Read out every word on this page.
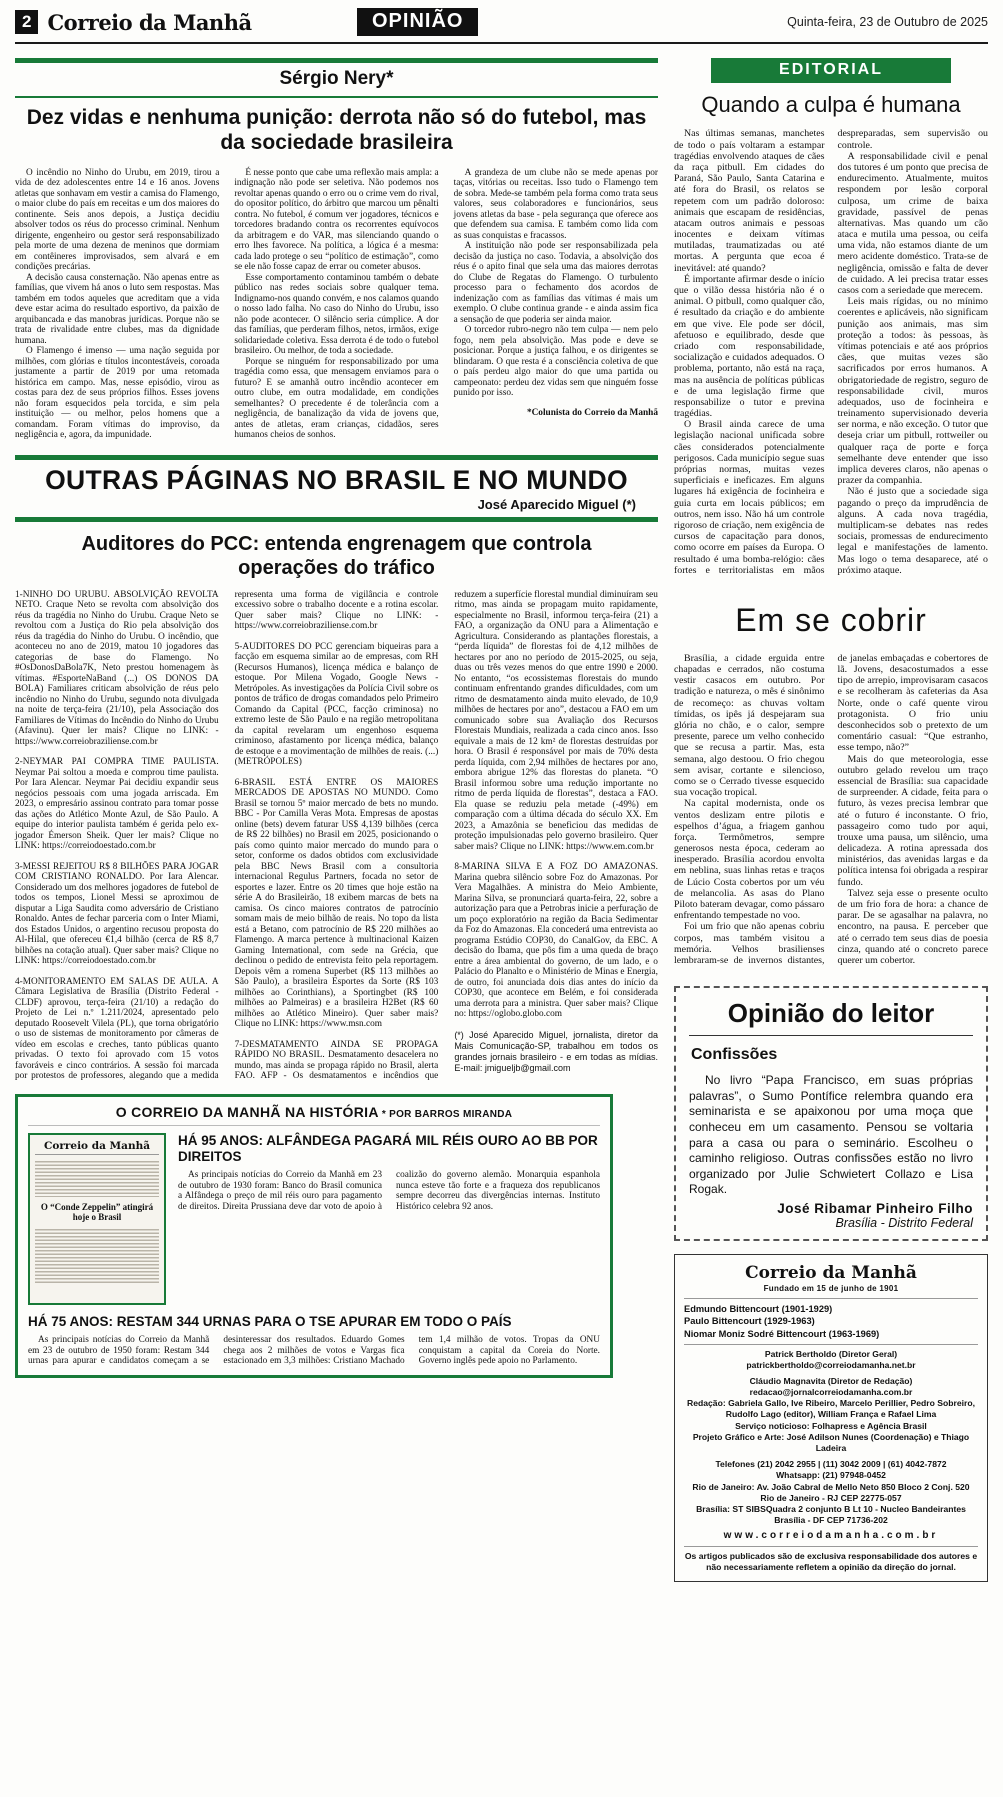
2 Correio da Manhã	OPINIÃO	Quinta-feira, 23 de Outubro de 2025
Sérgio Nery*
Dez vidas e nenhuma punição: derrota não só do futebol, mas da sociedade brasileira

O incêndio no Ninho do Urubu, em 2019, tirou a vida de dez adolescentes entre 14 e 16 anos. Jovens atletas que sonhavam em vestir a camisa do Flamengo, o maior clube do país em receitas e um dos maiores do continente. Seis anos depois, a Justiça decidiu absolver todos os réus do processo criminal. Nenhum dirigente, engenheiro ou gestor será responsabilizado pela morte de uma dezena de meninos que dormiam em contêineres improvisados, sem alvará e em condições precárias.

A decisão causa consternação. Não apenas entre as famílias, que vivem há anos o luto sem respostas. Mas também em todos aqueles que acreditam que a vida deve estar acima do resultado esportivo, da paixão de arquibancada e das manobras jurídicas. Porque não se trata de rivalidade entre clubes, mas da dignidade humana.

O Flamengo é imenso — uma nação seguida por milhões, com glórias e títulos incontestáveis, coroada justamente a partir de 2019 por uma retomada histórica em campo. Mas, nesse episódio, virou as costas para dez de seus próprios filhos. Esses jovens não foram esquecidos pela torcida, e sim pela instituição — ou melhor, pelos homens que a comandam. Foram vítimas do improviso, da negligência e, agora, da impunidade.

É nesse ponto que cabe uma reflexão mais ampla: a indignação não pode ser seletiva. Não podemos nos revoltar apenas quando o erro ou o crime vem do rival, do opositor político, do árbitro que marcou um pênalti contra. No futebol, é comum ver jogadores, técnicos e torcedores bradando contra os recorrentes equívocos da arbitragem e do VAR, mas silenciando quando o erro lhes favorece. Na política, a lógica é a mesma: cada lado protege o seu “político de estimação”, como se ele não fosse capaz de errar ou cometer abusos.

Esse comportamento contaminou também o debate público nas redes sociais sobre qualquer tema. Indignamo-nos quando convém, e nos calamos quando o nosso lado falha. No caso do Ninho do Urubu, isso não pode acontecer. O silêncio seria cúmplice. A dor das famílias, que perderam filhos, netos, irmãos, exige solidariedade coletiva. Essa derrota é de todo o futebol brasileiro. Ou melhor, de toda a sociedade.

Porque se ninguém for responsabilizado por uma tragédia como essa, que mensagem enviamos para o futuro? E se amanhã outro incêndio acontecer em outro clube, em outra modalidade, em condições semelhantes? O precedente é de tolerância com a negligência, de banalização da vida de jovens que, antes de atletas, eram crianças, cidadãos, seres humanos cheios de sonhos.

A grandeza de um clube não se mede apenas por taças, vitórias ou receitas. Isso tudo o Flamengo tem de sobra. Mede-se também pela forma como trata seus valores, seus colaboradores e funcionários, seus jovens atletas da base - pela segurança que oferece aos que defendem sua camisa. E também como lida com as suas conquistas e fracassos.

A instituição não pode ser responsabilizada pela decisão da justiça no caso. Todavia, a absolvição dos réus é o apito final que sela uma das maiores derrotas do Clube de Regatas do Flamengo. O turbulento processo para o fechamento dos acordos de indenização com as famílias das vítimas é mais um exemplo. O clube continua grande - e ainda assim fica a sensação de que poderia ser ainda maior.

O torcedor rubro-negro não tem culpa — nem pelo fogo, nem pela absolvição. Mas pode e deve se posicionar. Porque a justiça falhou, e os dirigentes se blindaram. O que resta é a consciência coletiva de que o país perdeu algo maior do que uma partida ou campeonato: perdeu dez vidas sem que ninguém fosse punido por isso.

*Colunista do Correio da Manhã
OUTRAS PÁGINAS NO BRASIL E NO MUNDO
José Aparecido Miguel (*)
Auditores do PCC: entenda engrenagem que controla operações do tráfico

1-NINHO DO URUBU. ABSOLVIÇÃO REVOLTA NETO. Craque Neto se revolta com absolvição dos réus da tragédia no Ninho do Urubu. Craque Neto se revoltou com a Justiça do Rio pela absolvição dos réus da tragédia do Ninho do Urubu. O incêndio, que aconteceu no ano de 2019, matou 10 jogadores das categorias de base do Flamengo. No #OsDonosDaBola7K, Neto prestou homenagem às vítimas. #EsporteNaBand (...) OS DONOS DA BOLA) Familiares criticam absolvição de réus pelo incêndio no Ninho do Urubu, segundo nota divulgada na noite de terça-feira (21/10), pela Associação dos Familiares de Vítimas do Incêndio do Ninho do Urubu (Afavinu). Quer ler mais? Clique no LINK: - https://www.correiobraziliense.com.br

2-NEYMAR PAI COMPRA TIME PAULISTA. Neymar Pai soltou a moeda e comprou time paulista. Por Iara Alencar. Neymar Pai decidiu expandir seus negócios pessoais com uma jogada arriscada. Em 2023, o empresário assinou contrato para tomar posse das ações do Atlético Monte Azul, de São Paulo. A equipe do interior paulista também é gerida pelo ex-jogador Émerson Sheik. Quer ler mais? Clique no LINK: https://correiodoestado.com.br

3-MESSI REJEITOU R$ 8 BILHÕES PARA JOGAR COM CRISTIANO RONALDO. Por Iara Alencar. Considerado um dos melhores jogadores de futebol de todos os tempos, Lionel Messi se aproximou de disputar a Liga Saudita como adversário de Cristiano Ronaldo. Antes de fechar parceria com o Inter Miami, dos Estados Unidos, o argentino recusou proposta do Al-Hilal, que ofereceu €1,4 bilhão (cerca de R$ 8,7 bilhões na cotação atual). Quer saber mais? Clique no LINK: https://correiodoestado.com.br

4-MONITORAMENTO EM SALAS DE AULA. A Câmara Legislativa de Brasília (Distrito Federal - CLDF) aprovou, terça-feira (21/10) a redação do Projeto de Lei n.º 1.211/2024, apresentado pelo deputado Roosevelt Vilela (PL), que torna obrigatório o uso de sistemas de monitoramento por câmeras de vídeo em escolas e creches, tanto públicas quanto privadas. O texto foi aprovado com 15 votos favoráveis e cinco contrários. A sessão foi marcada por protestos de professores, alegando que a medida representa uma forma de vigilância e controle excessivo sobre o trabalho docente e a rotina escolar. Quer saber mais? Clique no LINK: - https://www.correiobraziliense.com.br

5-AUDITORES DO PCC gerenciam biqueiras para a facção em esquema similar ao de empresas, com RH (Recursos Humanos), licença médica e balanço de estoque. Por Milena Vogado, Google News - Metrópoles. As investigações da Polícia Civil sobre os pontos de tráfico de drogas comandados pelo Primeiro Comando da Capital (PCC, facção criminosa) no extremo leste de São Paulo e na região metropolitana da capital revelaram um engenhoso esquema criminoso, afastamento por licença médica, balanço de estoque e a movimentação de milhões de reais. (...) (METRÓPOLES)

6-BRASIL ESTÁ ENTRE OS MAIORES MERCADOS DE APOSTAS NO MUNDO. Como Brasil se tornou 5º maior mercado de bets no mundo. BBC - Por Camilla Veras Mota. Empresas de apostas online (bets) devem faturar US$ 4,139 bilhões (cerca de R$ 22 bilhões) no Brasil em 2025, posicionando o país como quinto maior mercado do mundo para o setor, conforme os dados obtidos com exclusividade pela BBC News Brasil com a consultoria internacional Regulus Partners, focada no setor de esportes e lazer. Entre os 20 times que hoje estão na série A do Brasileirão, 18 exibem marcas de bets na camisa. Os cinco maiores contratos de patrocínio somam mais de meio bilhão de reais. No topo da lista está a Betano, com patrocínio de R$ 220 milhões ao Flamengo. A marca pertence à multinacional Kaizen Gaming International, com sede na Grécia, que declinou o pedido de entrevista feito pela reportagem. Depois vêm a romena Superbet (R$ 113 milhões ao São Paulo), a brasileira Esportes da Sorte (R$ 103 milhões ao Corinthians), a Sportingbet (R$ 100 milhões ao Palmeiras) e a brasileira H2Bet (R$ 60 milhões ao Atlético Mineiro). Quer saber mais? Clique no LINK: https://www.msn.com

7-DESMATAMENTO AINDA SE PROPAGA RÁPIDO NO BRASIL. Desmatamento desacelera no mundo, mas ainda se propaga rápido no Brasil, alerta FAO. AFP - Os desmatamentos e incêndios que reduzem a superfície florestal mundial diminuíram seu ritmo, mas ainda se propagam muito rapidamente, especialmente no Brasil, informou terça-feira (21) a FAO, a organização da ONU para a Alimentação e Agricultura. Considerando as plantações florestais, a “perda líquida” de florestas foi de 4,12 milhões de hectares por ano no período de 2015-2025, ou seja, duas ou três vezes menos do que entre 1990 e 2000. No entanto, “os ecossistemas florestais do mundo continuam enfrentando grandes dificuldades, com um ritmo de desmatamento ainda muito elevado, de 10,9 milhões de hectares por ano”, destacou a FAO em um comunicado sobre sua Avaliação dos Recursos Florestais Mundiais, realizada a cada cinco anos. Isso equivale a mais de 12 km² de florestas destruídas por hora. O Brasil é responsável por mais de 70% desta perda líquida, com 2,94 milhões de hectares por ano, embora abrigue 12% das florestas do planeta. “O Brasil informou sobre uma redução importante no ritmo de perda líquida de florestas”, destaca a FAO. Ela quase se reduziu pela metade (-49%) em comparação com a última década do século XX. Em 2023, a Amazônia se beneficiou das medidas de proteção impulsionadas pelo governo brasileiro. Quer saber mais? Clique no LINK: https://www.em.com.br

8-MARINA SILVA E A FOZ DO AMAZONAS. Marina quebra silêncio sobre Foz do Amazonas. Por Vera Magalhães. A ministra do Meio Ambiente, Marina Silva, se pronunciará quarta-feira, 22, sobre a autorização para que a Petrobras inicie a perfuração de um poço exploratório na região da Bacia Sedimentar da Foz do Amazonas. Ela concederá uma entrevista ao programa Estúdio COP30, do CanalGov, da EBC. A decisão do Ibama, que pôs fim a uma queda de braço entre a área ambiental do governo, de um lado, e o Palácio do Planalto e o Ministério de Minas e Energia, de outro, foi anunciada dois dias antes do início da COP30, que acontece em Belém, e foi considerada uma derrota para a ministra. Quer saber mais? Clique no: https://oglobo.globo.com

(*) José Aparecido Miguel, jornalista, diretor da Mais Comunicação-SP, trabalhou em todos os grandes jornais brasileiro - e em todas as mídias. E-mail: jmigueljb@gmail.com
O CORREIO DA MANHÃ NA HISTÓRIA * POR BARROS MIRANDA
Correio da Manhã
O “Conde Zeppelin” atingirá hoje o Brasil
HÁ 95 ANOS: ALFÂNDEGA PAGARÁ MIL RÉIS OURO AO BB POR DIREITOS

As principais notícias do Correio da Manhã em 23 de outubro de 1930 foram: Banco do Brasil comunica a Alfândega o preço de mil réis ouro para pagamento de direitos. Direita Prussiana deve dar voto de apoio à coalizão do governo alemão. Monarquia espanhola nunca esteve tão forte e a fraqueza dos republicanos sempre decorreu das divergências internas. Instituto Histórico celebra 92 anos.

HÁ 75 ANOS: RESTAM 344 URNAS PARA O TSE APURAR EM TODO O PAÍS

As principais notícias do Correio da Manhã em 23 de outubro de 1950 foram: Restam 344 urnas para apurar e candidatos começam a se desinteressar dos resultados. Eduardo Gomes chega aos 2 milhões de votos e Vargas fica estacionado em 3,3 milhões: Cristiano Machado tem 1,4 milhão de votos. Tropas da ONU conquistam a capital da Coreia do Norte. Governo inglês pede apoio no Parlamento.

EDITORIAL
Quando a culpa é humana

Nas últimas semanas, manchetes de todo o país voltaram a estampar tragédias envolvendo ataques de cães da raça pitbull. Em cidades do Paraná, São Paulo, Santa Catarina e até fora do Brasil, os relatos se repetem com um padrão doloroso: animais que escapam de residências, atacam outros animais e pessoas inocentes e deixam vítimas mutiladas, traumatizadas ou até mortas. A pergunta que ecoa é inevitável: até quando?

É importante afirmar desde o início que o vilão dessa história não é o animal. O pitbull, como qualquer cão, é resultado da criação e do ambiente em que vive. Ele pode ser dócil, afetuoso e equilibrado, desde que criado com responsabilidade, socialização e cuidados adequados. O problema, portanto, não está na raça, mas na ausência de políticas públicas e de uma legislação firme que responsabilize o tutor e previna tragédias.

O Brasil ainda carece de uma legislação nacional unificada sobre cães considerados potencialmente perigosos. Cada município segue suas próprias normas, muitas vezes superficiais e ineficazes. Em alguns lugares há exigência de focinheira e guia curta em locais públicos; em outros, nem isso. Não há um controle rigoroso de criação, nem exigência de cursos de capacitação para donos, como ocorre em países da Europa. O resultado é uma bomba-relógio: cães fortes e territorialistas em mãos despreparadas, sem supervisão ou controle.

A responsabilidade civil e penal dos tutores é um ponto que precisa de endurecimento. Atualmente, muitos respondem por lesão corporal culposa, um crime de baixa gravidade, passível de penas alternativas. Mas quando um cão ataca e mutila uma pessoa, ou ceifa uma vida, não estamos diante de um mero acidente doméstico. Trata-se de negligência, omissão e falta de dever de cuidado. A lei precisa tratar esses casos com a seriedade que merecem.

Leis mais rígidas, ou no mínimo coerentes e aplicáveis, não significam punição aos animais, mas sim proteção a todos: às pessoas, às vítimas potenciais e até aos próprios cães, que muitas vezes são sacrificados por erros humanos. A obrigatoriedade de registro, seguro de responsabilidade civil, muros adequados, uso de focinheira e treinamento supervisionado deveria ser norma, e não exceção. O tutor que deseja criar um pitbull, rottweiler ou qualquer raça de porte e força semelhante deve entender que isso implica deveres claros, não apenas o prazer da companhia.

Não é justo que a sociedade siga pagando o preço da imprudência de alguns. A cada nova tragédia, multiplicam-se debates nas redes sociais, promessas de endurecimento legal e manifestações de lamento. Mas logo o tema desaparece, até o próximo ataque.

Em se cobrir

Brasília, a cidade erguida entre chapadas e cerrados, não costuma vestir casacos em outubro. Por tradição e natureza, o mês é sinônimo de recomeço: as chuvas voltam tímidas, os ipês já despejaram sua glória no chão, e o calor, sempre presente, parece um velho conhecido que se recusa a partir. Mas, esta semana, algo destoou. O frio chegou sem avisar, cortante e silencioso, como se o Cerrado tivesse esquecido sua vocação tropical.

Na capital modernista, onde os ventos deslizam entre pilotis e espelhos d’água, a friagem ganhou força. Termômetros, sempre generosos nesta época, cederam ao inesperado. Brasília acordou envolta em neblina, suas linhas retas e traços de Lúcio Costa cobertos por um véu de melancolia. As asas do Plano Piloto bateram devagar, como pássaro enfrentando tempestade no voo.

Foi um frio que não apenas cobriu corpos, mas também visitou a memória. Velhos brasilienses lembraram-se de invernos distantes, de janelas embaçadas e cobertores de lã. Jovens, desacostumados a esse tipo de arrepio, improvisaram casacos e se recolheram às cafeterias da Asa Norte, onde o café quente virou protagonista. O frio uniu desconhecidos sob o pretexto de um comentário casual: “Que estranho, esse tempo, não?”

Mais do que meteorologia, esse outubro gelado revelou um traço essencial de Brasília: sua capacidade de surpreender. A cidade, feita para o futuro, às vezes precisa lembrar que até o futuro é inconstante. O frio, passageiro como tudo por aqui, trouxe uma pausa, um silêncio, uma delicadeza. A rotina apressada dos ministérios, das avenidas largas e da política intensa foi obrigada a respirar fundo.

Talvez seja esse o presente oculto de um frio fora de hora: a chance de parar. De se agasalhar na palavra, no encontro, na pausa. E perceber que até o cerrado tem seus dias de poesia cinza, quando até o concreto parece querer um cobertor.

Opinião do leitor
Confissões
No livro “Papa Francisco, em suas próprias palavras”, o Sumo Pontífice relembra quando era seminarista e se apaixonou por uma moça que conheceu em um casamento. Pensou se voltaria para a casa ou para o seminário. Escolheu o caminho religioso. Outras confissões estão no livro organizado por Julie Schwietert Collazo e Lisa Rogak.
José Ribamar Pinheiro Filho
Brasília - Distrito Federal
Correio da Manhã
Fundado em 15 de junho de 1901
Edmundo Bittencourt (1901-1929)
Paulo Bittencourt (1929-1963)
Niomar Moniz Sodré Bittencourt (1963-1969)
Patrick Bertholdo (Diretor Geral)
patrickbertholdo@correiodamanha.net.br
Cláudio Magnavita (Diretor de Redação)
redacao@jornalcorreiodamanha.com.br
Redação: Gabriela Gallo, Ive Ribeiro, Marcelo Perillier, Pedro Sobreiro, Rudolfo Lago (editor), William França e Rafael Lima
Serviço noticioso: Folhapress e Agência Brasil
Projeto Gráfico e Arte: José Adilson Nunes (Coordenação) e Thiago Ladeira
Telefones (21) 2042 2955 | (11) 3042 2009 | (61) 4042-7872
Whatsapp: (21) 97948-0452
Rio de Janeiro: Av. João Cabral de Mello Neto 850 Bloco 2 Conj. 520
Rio de Janeiro - RJ CEP 22775-057
Brasília: ST SIBSQuadra 2 conjunto B Lt 10 - Nucleo Bandeirantes
Brasília - DF CEP 71736-202
www.correiodamanha.com.br
Os artigos publicados são de exclusiva responsabilidade dos autores e não necessariamente refletem a opinião da direção do jornal.
